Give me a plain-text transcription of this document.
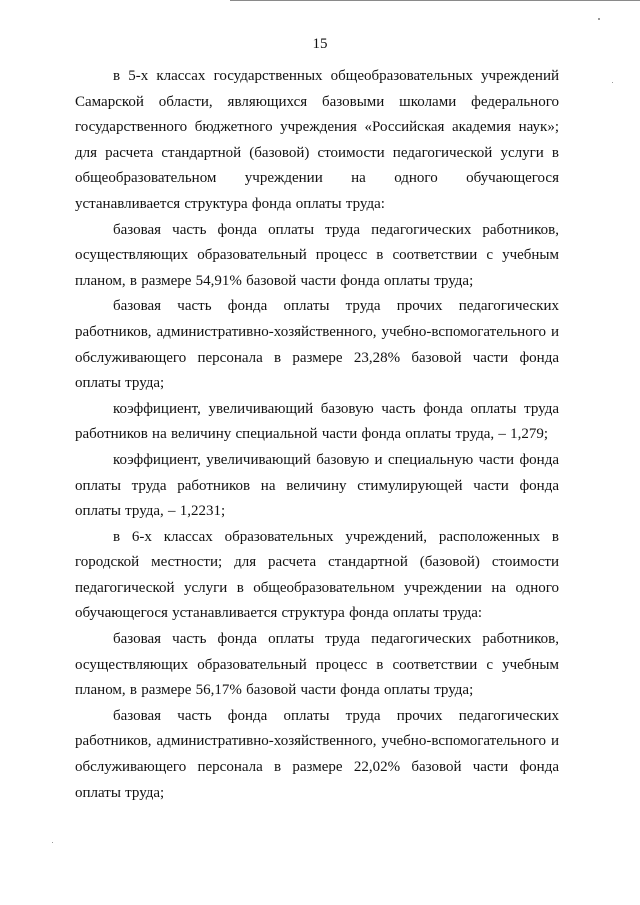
15

в 5-х классах государственных общеобразовательных учреждений Самарской области, являющихся базовыми школами федерального государственного бюджетного учреждения «Российская академия наук»; для расчета стандартной (базовой) стоимости педагогической услуги в общеобразовательном учреждении на одного обучающегося устанавливается структура фонда оплаты труда:

базовая часть фонда оплаты труда педагогических работников, осуществляющих образовательный процесс в соответствии с учебным планом, в размере 54,91% базовой части фонда оплаты труда;

базовая часть фонда оплаты труда прочих педагогических работников, административно-хозяйственного, учебно-вспомогательного и обслуживающего персонала в размере 23,28% базовой части фонда оплаты труда;

коэффициент, увеличивающий базовую часть фонда оплаты труда работников на величину специальной части фонда оплаты труда, – 1,279;

коэффициент, увеличивающий базовую и специальную части фонда оплаты труда работников на величину стимулирующей части фонда оплаты труда, – 1,2231;

в 6-х классах образовательных учреждений, расположенных в городской местности; для расчета стандартной (базовой) стоимости педагогической услуги в общеобразовательном учреждении на одного обучающегося устанавливается структура фонда оплаты труда:

базовая часть фонда оплаты труда педагогических работников, осуществляющих образовательный процесс в соответствии с учебным планом, в размере 56,17% базовой части фонда оплаты труда;

базовая часть фонда оплаты труда прочих педагогических работников, административно-хозяйственного, учебно-вспомогательного и обслуживающего персонала в размере 22,02% базовой части фонда оплаты труда;
